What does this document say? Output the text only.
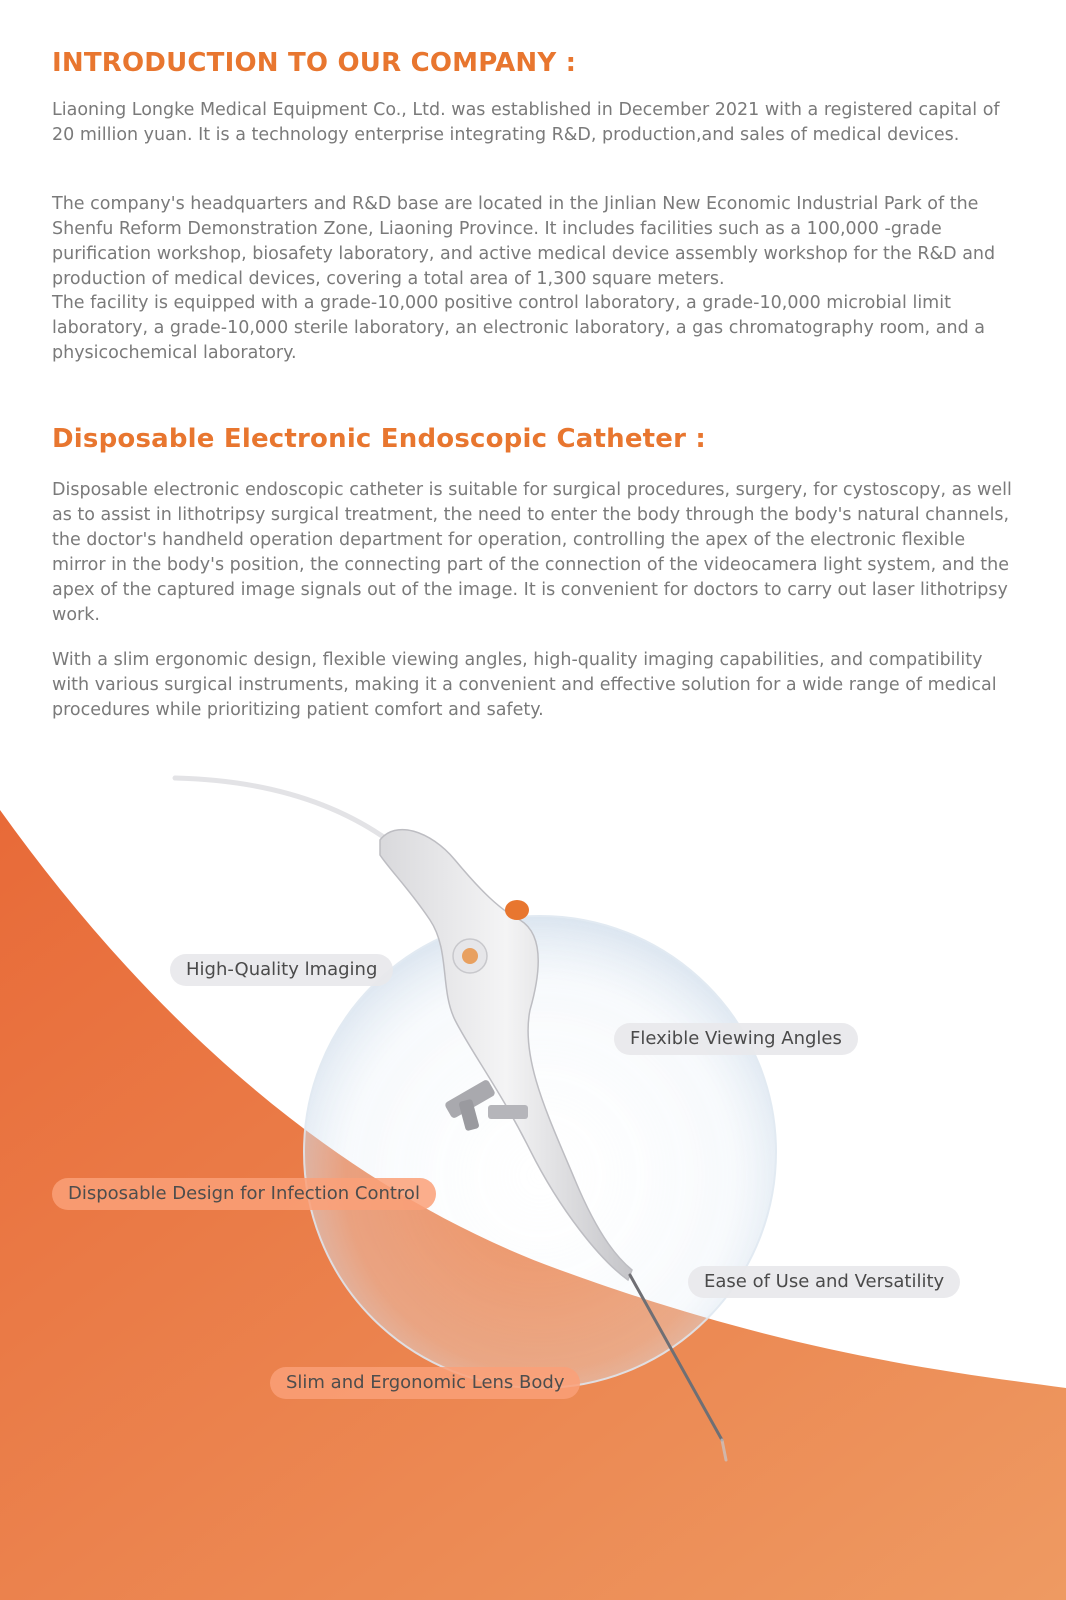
INTRODUCTION TO OUR COMPANY :

Liaoning Longke Medical Equipment Co., Ltd. was established in December 2021 with a registered capital of 20 million yuan. It is a technology enterprise integrating R&D, production,and sales of medical devices.

The company's headquarters and R&D base are located in the Jinlian New Economic Industrial Park of the Shenfu Reform Demonstration Zone, Liaoning Province. It includes facilities such as a 100,000 -grade purification workshop, biosafety laboratory, and active medical device assembly workshop for the R&D and production of medical devices, covering a total area of 1,300 square meters.

The facility is equipped with a grade-10,000 positive control laboratory, a grade-10,000 microbial limit laboratory, a grade-10,000 sterile laboratory, an electronic laboratory, a gas chromatography room, and a physicochemical laboratory.

Disposable Electronic Endoscopic Catheter :

Disposable electronic endoscopic catheter is suitable for surgical procedures, surgery, for cystoscopy, as well as to assist in lithotripsy surgical treatment, the need to enter the body through the body's natural channels, the doctor's handheld operation department for operation, controlling the apex of the electronic flexible mirror in the body's position, the connecting part of the connection of the videocamera light system, and the apex of the captured image signals out of the image. It is convenient for doctors to carry out laser lithotripsy work.

With a slim ergonomic design, flexible viewing angles, high-quality imaging capabilities, and compatibility with various surgical instruments, making it a convenient and effective solution for a wide range of medical procedures while prioritizing patient comfort and safety.

High-Quality lmaging
Flexible Viewing Angles
Disposable Design for Infection Control
Ease of Use and Versatility
Slim and Ergonomic Lens Body
